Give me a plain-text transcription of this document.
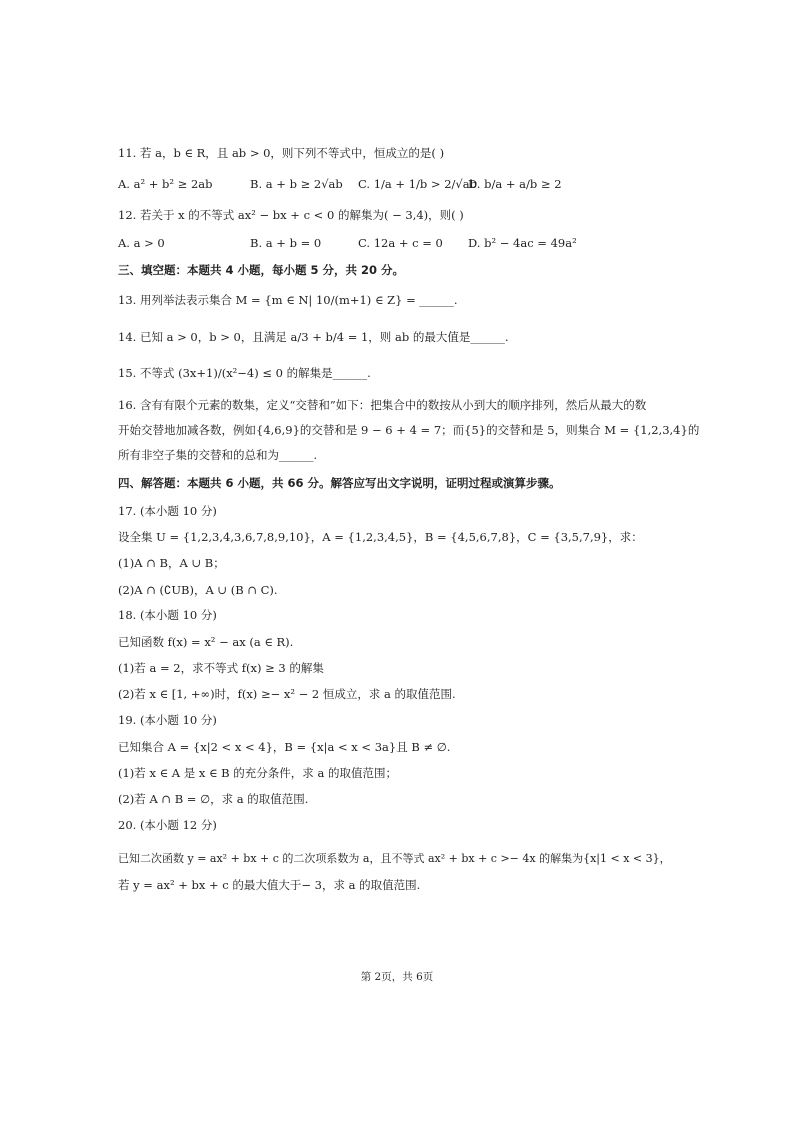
11. 若 a，b ∈ R，且 ab > 0，则下列不等式中，恒成立的是( )
A. a² + b² ≥ 2ab	B. a + b ≥ 2√ab C. 1/a + 1/b > 2/√ab
D. b/a + a/b ≥ 2
12. 若关于 x 的不等式 ax² − bx + c < 0 的解集为( − 3,4)，则( )
A. a > 0	B. a + b = 0	C. 12a + c = 0 D. b² − 4ac = 49a²
三、填空题：本题共 4 小题，每小题 5 分，共 20 分。
13. 用列举法表示集合 M = {m ∈ N| 10/(m+1) ∈ Z} = ______.
14. 已知 a > 0，b > 0，且满足 a/3 + b/4 = 1，则 ab 的最大值是______.
15. 不等式 (3x+1)/(x²−4) ≤ 0 的解集是______.
16. 含有有限个元素的数集，定义“交替和”如下：把集合中的数按从小到大的顺序排列，然后从最大的数
开始交替地加减各数，例如{4,6,9}的交替和是 9 − 6 + 4 = 7；而{5}的交替和是 5，则集合 M = {1,2,3,4}的
所有非空子集的交替和的总和为______.
四、解答题：本题共 6 小题，共 66 分。解答应写出文字说明，证明过程或演算步骤。
17. (本小题 10 分)
设全集 U = {1,2,3,4,3,6,7,8,9,10}，A = {1,2,3,4,5}，B = {4,5,6,7,8}，C = {3,5,7,9}，求：
(1)A ∩ B，A ∪ B；
(2)A ∩ (∁UB)，A ∪ (B ∩ C).
18. (本小题 10 分)
已知函数 f(x) = x² − ax (a ∈ R).
(1)若 a = 2，求不等式 f(x) ≥ 3 的解集
(2)若 x ∈ [1, +∞)时，f(x) ≥− x² − 2 恒成立，求 a 的取值范围.
19. (本小题 10 分)
已知集合 A = {x|2 < x < 4}，B = {x|a < x < 3a}且 B ≠ ∅.
(1)若 x ∈ A 是 x ∈ B 的充分条件，求 a 的取值范围；
(2)若 A ∩ B = ∅，求 a 的取值范围.
20. (本小题 12 分)
已知二次函数 y = ax² + bx + c 的二次项系数为 a，且不等式 ax² + bx + c >− 4x 的解集为{x|1 < x < 3}，
若 y = ax² + bx + c 的最大值大于− 3，求 a 的取值范围.
第 2页，共 6页
